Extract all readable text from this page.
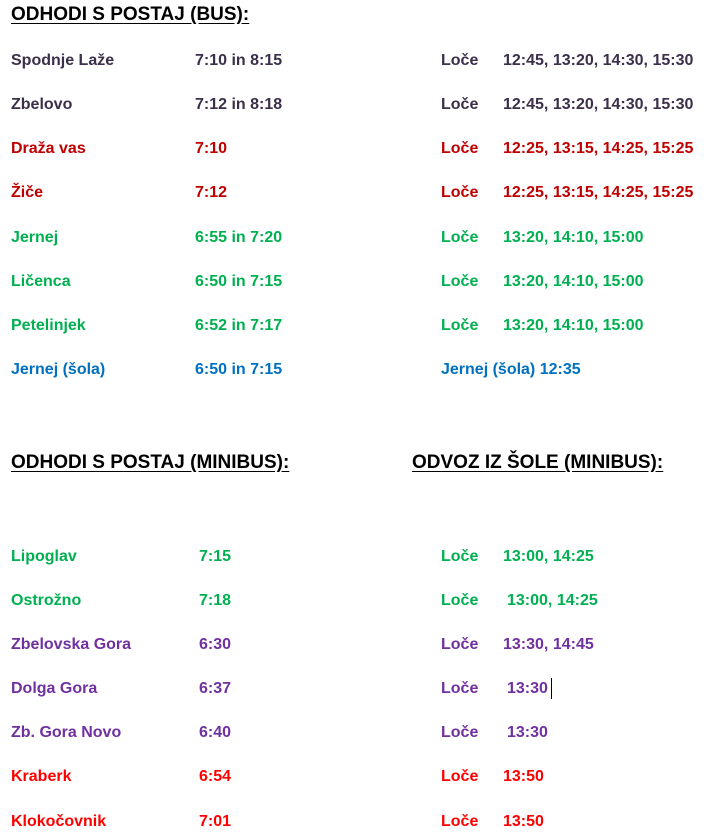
ODHODI S POSTAJ (BUS):
Spodnje Laže	7:10 in 8:15	Loče 12:45, 13:20, 14:30, 15:30
Zbelovo	7:12 in 8:18	Loče 12:45, 13:20, 14:30, 15:30
Draža vas	7:10	Loče 12:25, 13:15, 14:25, 15:25
Žiče	7:12	Loče 12:25, 13:15, 14:25, 15:25
Jernej	6:55 in 7:20	Loče 13:20, 14:10, 15:00
Ličenca	6:50 in 7:15	Loče 13:20, 14:10, 15:00
Petelinjek	6:52 in 7:17	Loče 13:20, 14:10, 15:00
Jernej (šola)	6:50 in 7:15	Jernej (šola) 12:35
ODHODI S POSTAJ (MINIBUS):	ODVOZ IZ ŠOLE (MINIBUS):
Lipoglav	7:15	Loče 13:00, 14:25
Ostrožno	7:18	Loče 13:00, 14:25
Zbelovska Gora	6:30	Loče 13:30, 14:45
Dolga Gora	6:37	Loče 13:30
Zb. Gora Novo	6:40	Loče 13:30
Kraberk	6:54	Loče 13:50
Klokočovnik	7:01	Loče 13:50
